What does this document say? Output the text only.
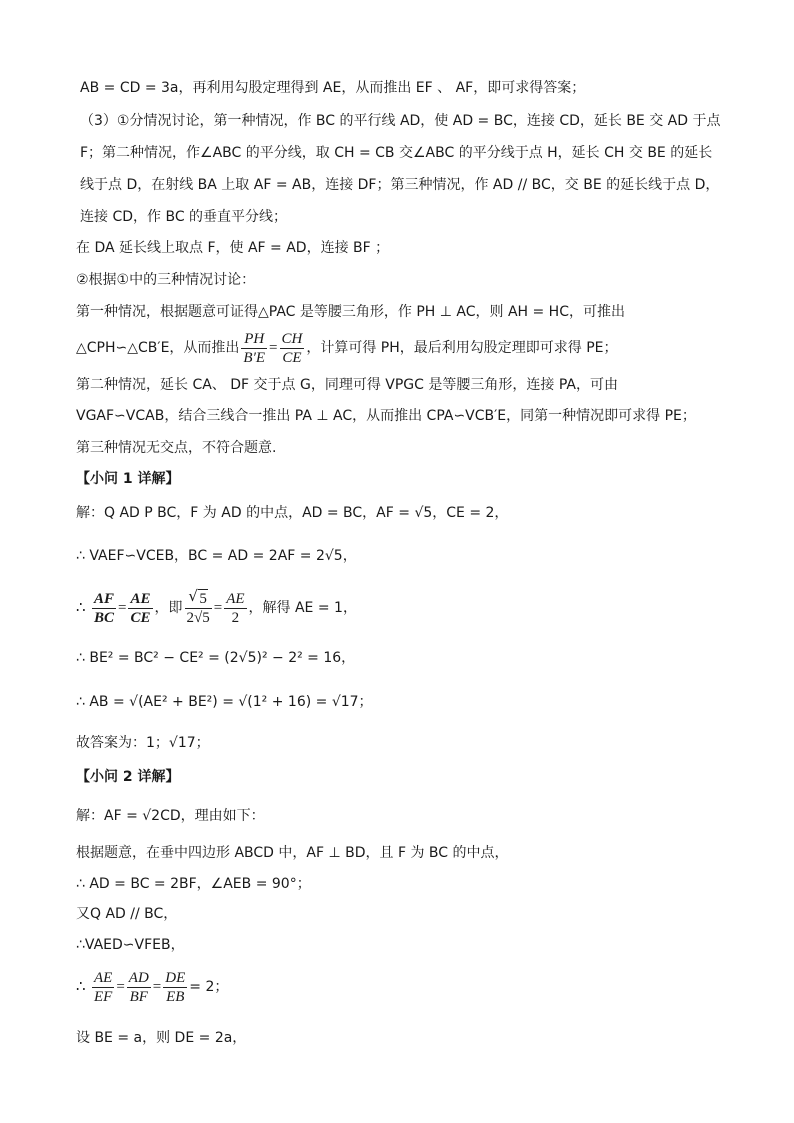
AB = CD = 3a，再利用勾股定理得到 AE，从而推出 EF 、 AF，即可求得答案；
（3）①分情况讨论，第一种情况，作 BC 的平行线 AD，使 AD = BC，连接 CD，延长 BE 交 AD 于点
F；第二种情况，作∠ABC 的平分线，取 CH = CB 交∠ABC 的平分线于点 H，延长 CH 交 BE 的延长
线于点 D，在射线 BA 上取 AF = AB，连接 DF；第三种情况，作 AD // BC，交 BE 的延长线于点 D，
连接 CD，作 BC 的垂直平分线；
在 DA 延长线上取点 F，使 AF = AD，连接 BF ；
②根据①中的三种情况讨论：
第一种情况，根据题意可证得△PAC 是等腰三角形，作 PH ⊥ AC，则 AH = HC，可推出
△CPH∽△CB′E，从而推出 $\frac{PH}{B'E} = \frac{CH}{CE}$ ，计算可得 PH，最后利用勾股定理即可求得 PE；
第二种情况，延长 CA、 DF 交于点 G，同理可得 VPGC 是等腰三角形，连接 PA，可由
VGAF∽VCAB，结合三线合一推出 PA ⊥ AC，从而推出 CPA∽VCB′E，同第一种情况即可求得 PE；
第三种情况无交点，不符合题意.
【小问 1 详解】
解：Q AD P BC，F 为 AD 的中点，AD = BC，AF = √5，CE = 2，
∴ VAEF∽VCEB，BC = AD = 2AF = 2√5，
∴
$\frac{AF}{BC} = \frac{AE}{CE}$ ，即
√ $\frac{5}{2√5} = \frac{AE}{2}$ ，解得 AE = 1，
∴ BE² = BC² − CE² = (2√5)² − 2² = 16，
∴ AB = √(AE² + BE²) = √(1² + 16) = √17；
故答案为：1；√17；
【小问 2 详解】
解：AF = √2CD，理由如下：
根据题意，在垂中四边形 ABCD 中，AF ⊥ BD，且 F 为 BC 的中点，
∴ AD = BC = 2BF，∠AEB = 90°；
又Q AD // BC，
∴VAED∽VFEB，
∴
$\frac{AE}{EF} = \frac{AD}{BF} = \frac{DE}{EB} = 2$；
设 BE = a，则 DE = 2a，
